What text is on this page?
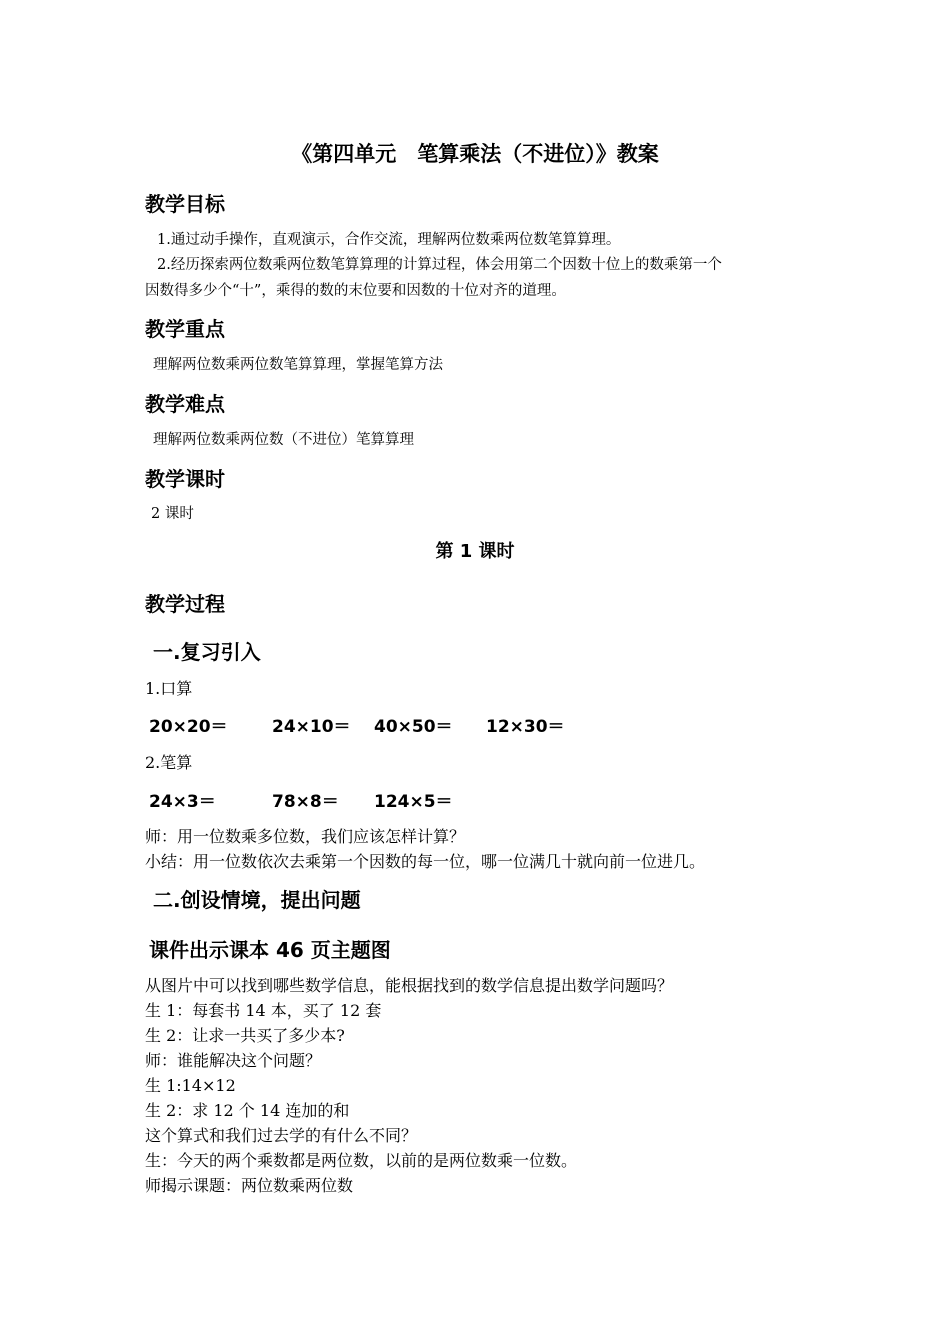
《第四单元　笔算乘法（不进位）》教案
教学目标
1.通过动手操作，直观演示，合作交流，理解两位数乘两位数笔算算理。
2.经历探索两位数乘两位数笔算算理的计算过程，体会用第二个因数十位上的数乘第一个
因数得多少个“十”，乘得的数的末位要和因数的十位对齐的道理。
教学重点
理解两位数乘两位数笔算算理，掌握笔算方法
教学难点
理解两位数乘两位数（不进位）笔算算理
教学课时
2 课时
第 1 课时
教学过程
一.复习引入
1.口算
20×20＝	24×10＝ 40×50＝ 12×30＝
2.笔算
24×3＝	78×8＝ 124×5＝
师：用一位数乘多位数，我们应该怎样计算？
小结：用一位数依次去乘第一个因数的每一位，哪一位满几十就向前一位进几。
二.创设情境，提出问题
课件出示课本 46 页主题图
从图片中可以找到哪些数学信息，能根据找到的数学信息提出数学问题吗？
生 1：每套书 14 本，买了 12 套
生 2：让求一共买了多少本?
师：谁能解决这个问题？
生 1:14×12
生 2：求 12 个 14 连加的和
这个算式和我们过去学的有什么不同？
生：今天的两个乘数都是两位数，以前的是两位数乘一位数。
师揭示课题：两位数乘两位数
